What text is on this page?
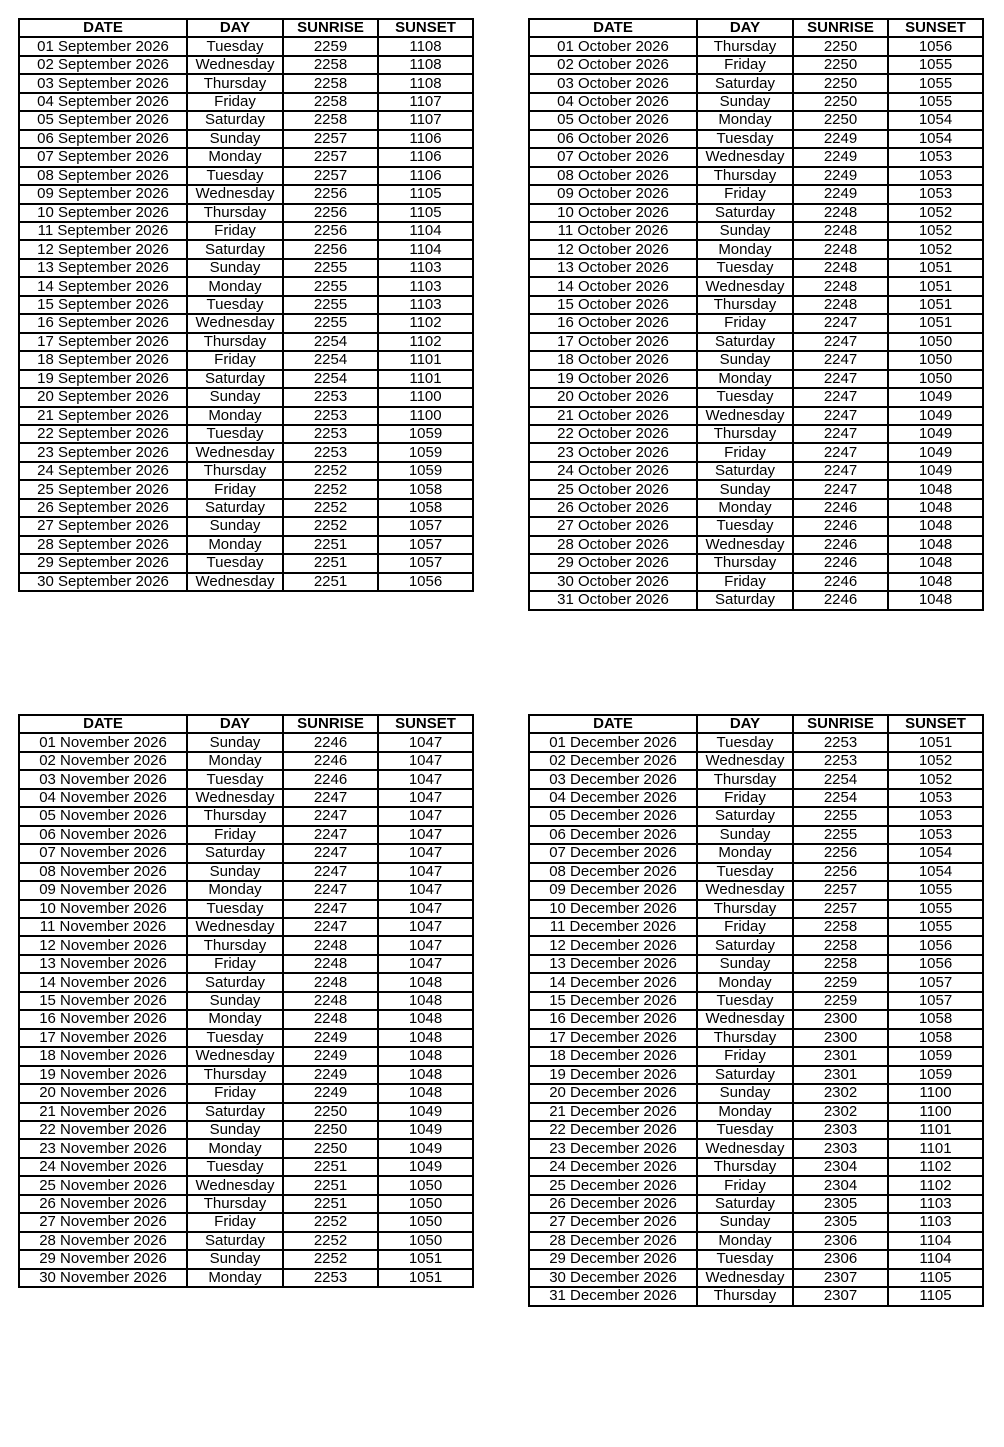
DATE	DAY	SUNRISE	SUNSET
01 September 2026	Tuesday	2259	1108
02 September 2026	Wednesday	2258	1108
03 September 2026	Thursday	2258	1108
04 September 2026	Friday	2258	1107
05 September 2026	Saturday	2258	1107
06 September 2026	Sunday	2257	1106
07 September 2026	Monday	2257	1106
08 September 2026	Tuesday	2257	1106
09 September 2026	Wednesday	2256	1105
10 September 2026	Thursday	2256	1105
11 September 2026	Friday	2256	1104
12 September 2026	Saturday	2256	1104
13 September 2026	Sunday	2255	1103
14 September 2026	Monday	2255	1103
15 September 2026	Tuesday	2255	1103
16 September 2026	Wednesday	2255	1102
17 September 2026	Thursday	2254	1102
18 September 2026	Friday	2254	1101
19 September 2026	Saturday	2254	1101
20 September 2026	Sunday	2253	1100
21 September 2026	Monday	2253	1100
22 September 2026	Tuesday	2253	1059
23 September 2026	Wednesday	2253	1059
24 September 2026	Thursday	2252	1059
25 September 2026	Friday	2252	1058
26 September 2026	Saturday	2252	1058
27 September 2026	Sunday	2252	1057
28 September 2026	Monday	2251	1057
29 September 2026	Tuesday	2251	1057
30 September 2026	Wednesday	2251	1056
DATE	DAY	SUNRISE	SUNSET
01 October 2026	Thursday	2250	1056
02 October 2026	Friday	2250	1055
03 October 2026	Saturday	2250	1055
04 October 2026	Sunday	2250	1055
05 October 2026	Monday	2250	1054
06 October 2026	Tuesday	2249	1054
07 October 2026	Wednesday	2249	1053
08 October 2026	Thursday	2249	1053
09 October 2026	Friday	2249	1053
10 October 2026	Saturday	2248	1052
11 October 2026	Sunday	2248	1052
12 October 2026	Monday	2248	1052
13 October 2026	Tuesday	2248	1051
14 October 2026	Wednesday	2248	1051
15 October 2026	Thursday	2248	1051
16 October 2026	Friday	2247	1051
17 October 2026	Saturday	2247	1050
18 October 2026	Sunday	2247	1050
19 October 2026	Monday	2247	1050
20 October 2026	Tuesday	2247	1049
21 October 2026	Wednesday	2247	1049
22 October 2026	Thursday	2247	1049
23 October 2026	Friday	2247	1049
24 October 2026	Saturday	2247	1049
25 October 2026	Sunday	2247	1048
26 October 2026	Monday	2246	1048
27 October 2026	Tuesday	2246	1048
28 October 2026	Wednesday	2246	1048
29 October 2026	Thursday	2246	1048
30 October 2026	Friday	2246	1048
31 October 2026	Saturday	2246	1048
DATE	DAY	SUNRISE	SUNSET
01 November 2026	Sunday	2246	1047
02 November 2026	Monday	2246	1047
03 November 2026	Tuesday	2246	1047
04 November 2026	Wednesday	2247	1047
05 November 2026	Thursday	2247	1047
06 November 2026	Friday	2247	1047
07 November 2026	Saturday	2247	1047
08 November 2026	Sunday	2247	1047
09 November 2026	Monday	2247	1047
10 November 2026	Tuesday	2247	1047
11 November 2026	Wednesday	2247	1047
12 November 2026	Thursday	2248	1047
13 November 2026	Friday	2248	1047
14 November 2026	Saturday	2248	1048
15 November 2026	Sunday	2248	1048
16 November 2026	Monday	2248	1048
17 November 2026	Tuesday	2249	1048
18 November 2026	Wednesday	2249	1048
19 November 2026	Thursday	2249	1048
20 November 2026	Friday	2249	1048
21 November 2026	Saturday	2250	1049
22 November 2026	Sunday	2250	1049
23 November 2026	Monday	2250	1049
24 November 2026	Tuesday	2251	1049
25 November 2026	Wednesday	2251	1050
26 November 2026	Thursday	2251	1050
27 November 2026	Friday	2252	1050
28 November 2026	Saturday	2252	1050
29 November 2026	Sunday	2252	1051
30 November 2026	Monday	2253	1051
DATE	DAY	SUNRISE	SUNSET
01 December 2026	Tuesday	2253	1051
02 December 2026	Wednesday	2253	1052
03 December 2026	Thursday	2254	1052
04 December 2026	Friday	2254	1053
05 December 2026	Saturday	2255	1053
06 December 2026	Sunday	2255	1053
07 December 2026	Monday	2256	1054
08 December 2026	Tuesday	2256	1054
09 December 2026	Wednesday	2257	1055
10 December 2026	Thursday	2257	1055
11 December 2026	Friday	2258	1055
12 December 2026	Saturday	2258	1056
13 December 2026	Sunday	2258	1056
14 December 2026	Monday	2259	1057
15 December 2026	Tuesday	2259	1057
16 December 2026	Wednesday	2300	1058
17 December 2026	Thursday	2300	1058
18 December 2026	Friday	2301	1059
19 December 2026	Saturday	2301	1059
20 December 2026	Sunday	2302	1100
21 December 2026	Monday	2302	1100
22 December 2026	Tuesday	2303	1101
23 December 2026	Wednesday	2303	1101
24 December 2026	Thursday	2304	1102
25 December 2026	Friday	2304	1102
26 December 2026	Saturday	2305	1103
27 December 2026	Sunday	2305	1103
28 December 2026	Monday	2306	1104
29 December 2026	Tuesday	2306	1104
30 December 2026	Wednesday	2307	1105
31 December 2026	Thursday	2307	1105
